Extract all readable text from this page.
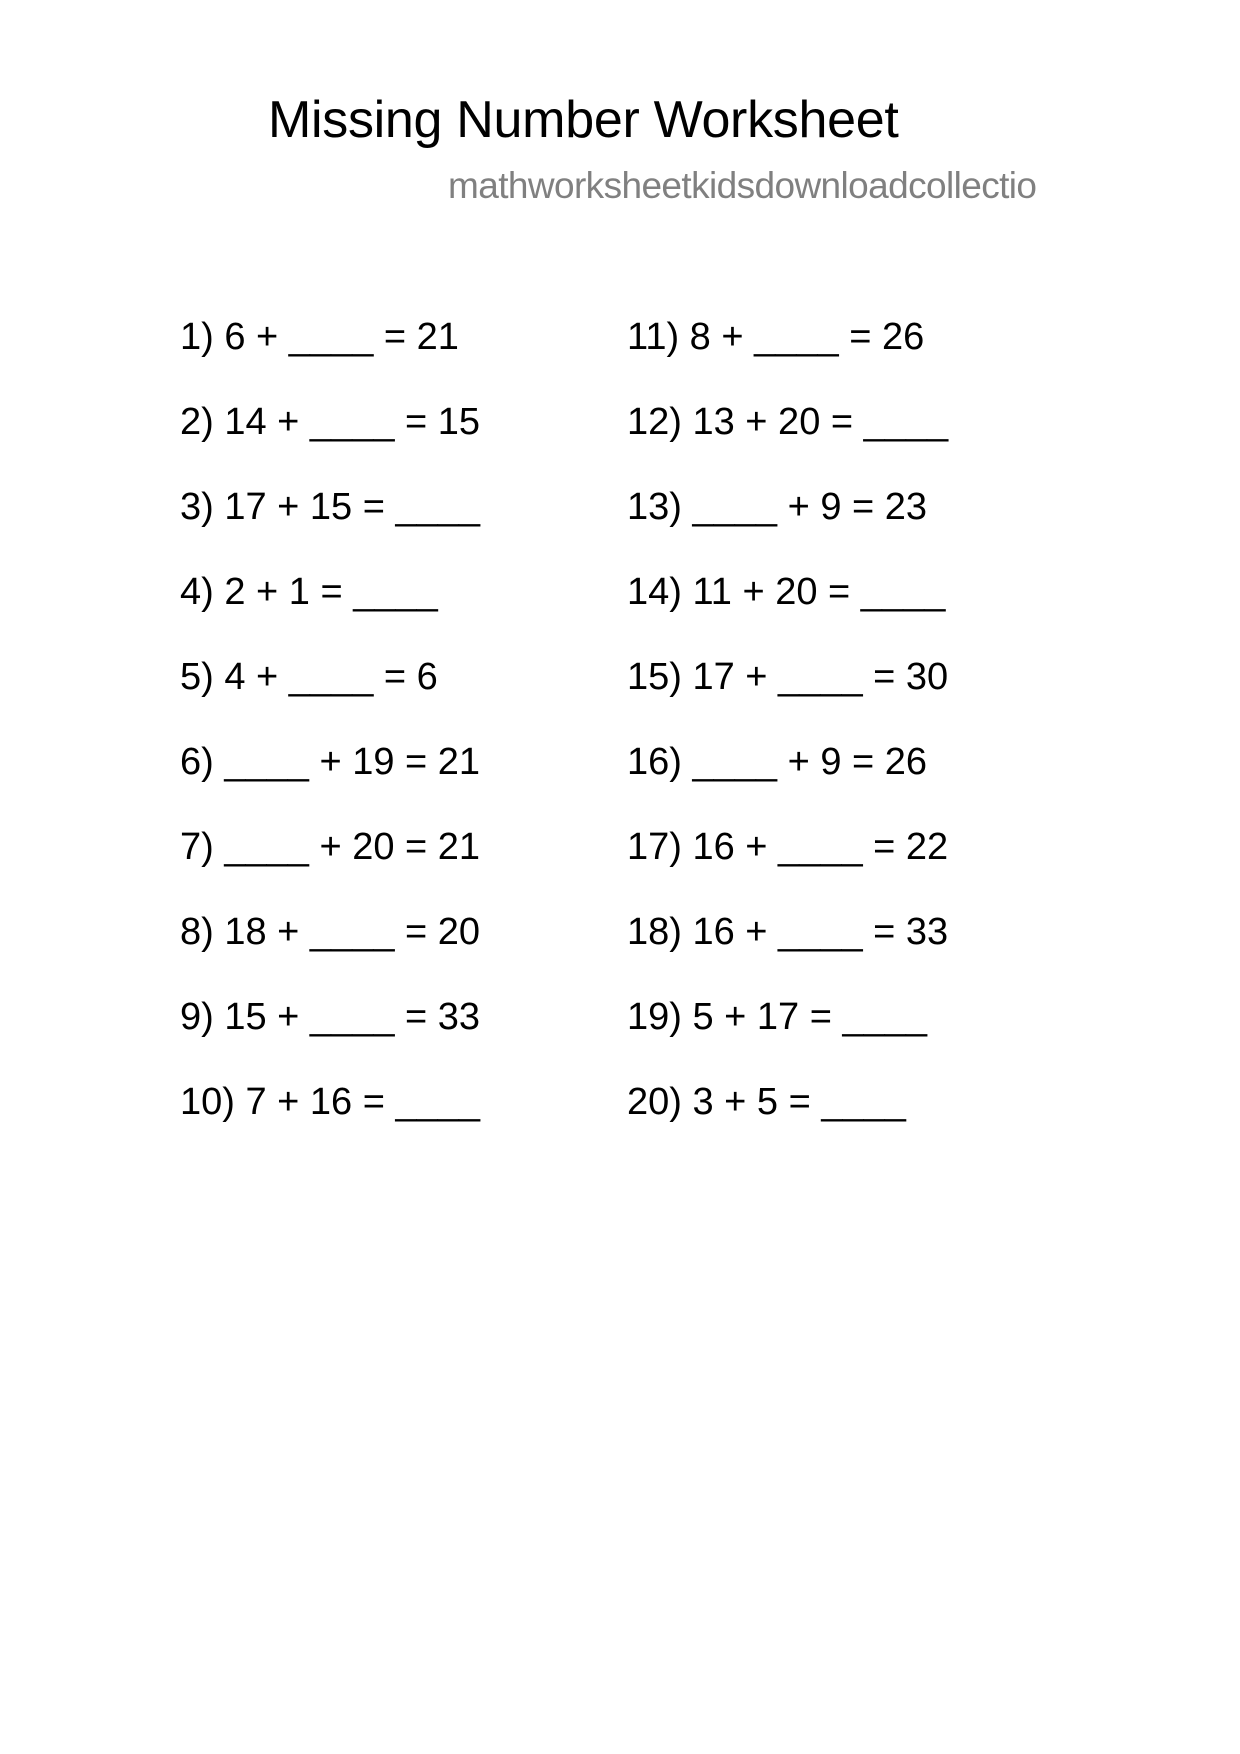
Missing Number Worksheet
mathworksheetkidsdownloadcollectio
1) 6 + ____ = 21
2) 14 + ____ = 15
3) 17 + 15 = ____
4) 2 + 1 = ____
5) 4 + ____ = 6
6) ____ + 19 = 21
7) ____ + 20 = 21
8) 18 + ____ = 20
9) 15 + ____ = 33
10) 7 + 16 = ____
11) 8 + ____ = 26
12) 13 + 20 = ____
13) ____ + 9 = 23
14) 11 + 20 = ____
15) 17 + ____ = 30
16) ____ + 9 = 26
17) 16 + ____ = 22
18) 16 + ____ = 33
19) 5 + 17 = ____
20) 3 + 5 = ____
